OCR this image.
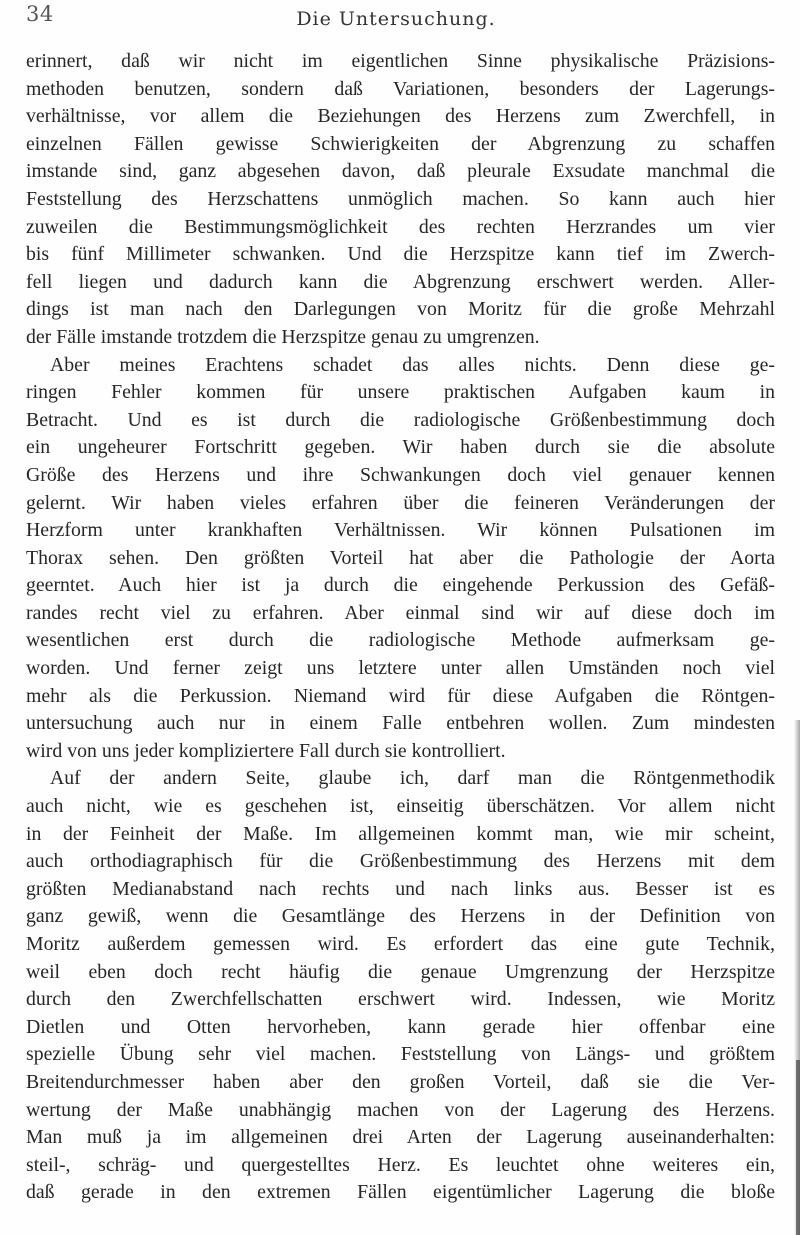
34	Die Untersuchung.

erinnert, daß wir nicht im eigentlichen Sinne physikalische Präzisions-
methoden benutzen, sondern daß Variationen, besonders der Lagerungs-
verhältnisse, vor allem die Beziehungen des Herzens zum Zwerchfell, in
einzelnen Fällen gewisse Schwierigkeiten der Abgrenzung zu schaffen
imstande sind, ganz abgesehen davon, daß pleurale Exsudate manchmal die
Feststellung des Herzschattens unmöglich machen. So kann auch hier
zuweilen die Bestimmungsmöglichkeit des rechten Herzrandes um vier
bis fünf Millimeter schwanken. Und die Herzspitze kann tief im Zwerch-
fell liegen und dadurch kann die Abgrenzung erschwert werden. Aller-
dings ist man nach den Darlegungen von Moritz für die große Mehrzahl
der Fälle imstande trotzdem die Herzspitze genau zu umgrenzen.

Aber meines Erachtens schadet das alles nichts. Denn diese ge-
ringen Fehler kommen für unsere praktischen Aufgaben kaum in
Betracht. Und es ist durch die radiologische Größenbestimmung doch
ein ungeheurer Fortschritt gegeben. Wir haben durch sie die absolute
Größe des Herzens und ihre Schwankungen doch viel genauer kennen
gelernt. Wir haben vieles erfahren über die feineren Veränderungen der
Herzform unter krankhaften Verhältnissen. Wir können Pulsationen im
Thorax sehen. Den größten Vorteil hat aber die Pathologie der Aorta
geerntet. Auch hier ist ja durch die eingehende Perkussion des Gefäß-
randes recht viel zu erfahren. Aber einmal sind wir auf diese doch im
wesentlichen erst durch die radiologische Methode aufmerksam ge-
worden. Und ferner zeigt uns letztere unter allen Umständen noch viel
mehr als die Perkussion. Niemand wird für diese Aufgaben die Röntgen-
untersuchung auch nur in einem Falle entbehren wollen. Zum mindesten
wird von uns jeder kompliziertere Fall durch sie kontrolliert.

Auf der andern Seite, glaube ich, darf man die Röntgenmethodik
auch nicht, wie es geschehen ist, einseitig überschätzen. Vor allem nicht
in der Feinheit der Maße. Im allgemeinen kommt man, wie mir scheint,
auch orthodiagraphisch für die Größenbestimmung des Herzens mit dem
größten Medianabstand nach rechts und nach links aus. Besser ist es
ganz gewiß, wenn die Gesamtlänge des Herzens in der Definition von
Moritz außerdem gemessen wird. Es erfordert das eine gute Technik,
weil eben doch recht häufig die genaue Umgrenzung der Herzspitze
durch den Zwerchfellschatten erschwert wird. Indessen, wie Moritz
Dietlen und Otten hervorheben, kann gerade hier offenbar eine
spezielle Übung sehr viel machen. Feststellung von Längs- und größtem
Breitendurchmesser haben aber den großen Vorteil, daß sie die Ver-
wertung der Maße unabhängig machen von der Lagerung des Herzens.
Man muß ja im allgemeinen drei Arten der Lagerung auseinanderhalten:
steil-, schräg- und quergestelltes Herz. Es leuchtet ohne weiteres ein,
daß gerade in den extremen Fällen eigentümlicher Lagerung die bloße
